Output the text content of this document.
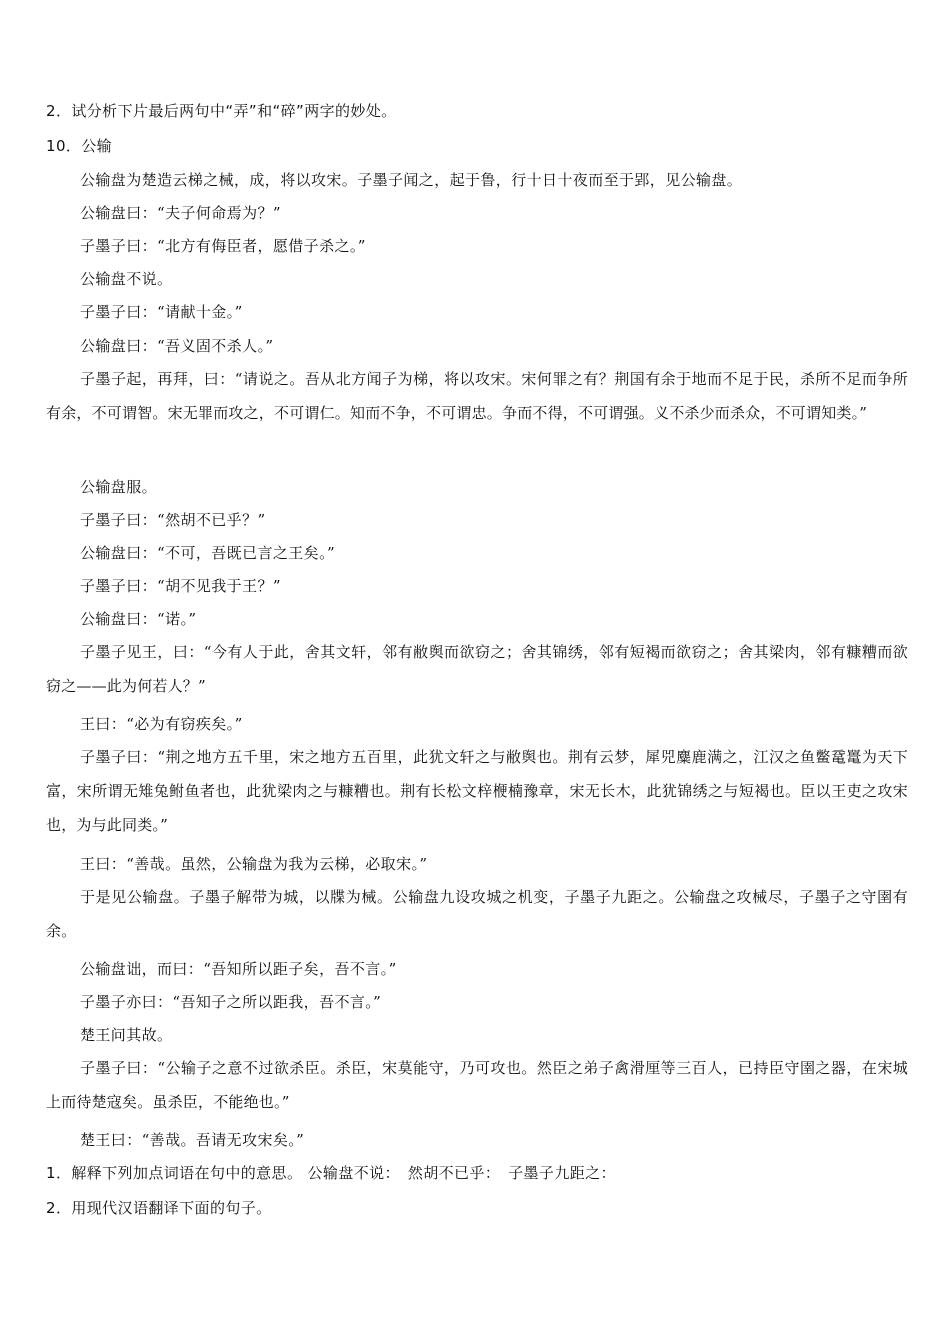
2．试分析下片最后两句中“弄”和“碎”两字的妙处。
10．公输
公输盘为楚造云梯之械，成，将以攻宋。子墨子闻之，起于鲁，行十日十夜而至于郢，见公输盘。
公输盘曰：“夫子何命焉为？”
子墨子曰：“北方有侮臣者，愿借子杀之。”
公输盘不说。
子墨子曰：“请献十金。”
公输盘曰：“吾义固不杀人。”
子墨子起，再拜，曰：“请说之。吾从北方闻子为梯，将以攻宋。宋何罪之有？荆国有余于地而不足于民，杀所不足而争所有余，不可谓智。宋无罪而攻之，不可谓仁。知而不争，不可谓忠。争而不得，不可谓强。义不杀少而杀众，不可谓知类。”
公输盘服。
子墨子曰：“然胡不已乎？”
公输盘曰：“不可，吾既已言之王矣。”
子墨子曰：“胡不见我于王？”
公输盘曰：“诺。”
子墨子见王，曰：“今有人于此，舍其文轩，邻有敝舆而欲窃之；舍其锦绣，邻有短褐而欲窃之；舍其梁肉，邻有糠糟而欲窃之——此为何若人？”
王曰：“必为有窃疾矣。”
子墨子曰：“荆之地方五千里，宋之地方五百里，此犹文轩之与敝舆也。荆有云梦，犀兕麋鹿满之，江汉之鱼鳖鼋鼍为天下富，宋所谓无雉兔鲋鱼者也，此犹梁肉之与糠糟也。荆有长松文梓楩楠豫章，宋无长木，此犹锦绣之与短褐也。臣以王吏之攻宋也，为与此同类。”
王曰：“善哉。虽然，公输盘为我为云梯，必取宋。”
于是见公输盘。子墨子解带为城，以牒为械。公输盘九设攻城之机变，子墨子九距之。公输盘之攻械尽，子墨子之守圉有余。
公输盘诎，而曰：“吾知所以距子矣，吾不言。”
子墨子亦曰：“吾知子之所以距我，吾不言。”
楚王问其故。
子墨子曰：“公输子之意不过欲杀臣。杀臣，宋莫能守，乃可攻也。然臣之弟子禽滑厘等三百人，已持臣守圉之器，在宋城上而待楚寇矣。虽杀臣，不能绝也。”
楚王曰：“善哉。吾请无攻宋矣。”
1．解释下列加点词语在句中的意思。 公输盘不说：　然胡不已乎：　子墨子九距之：
2．用现代汉语翻译下面的句子。
